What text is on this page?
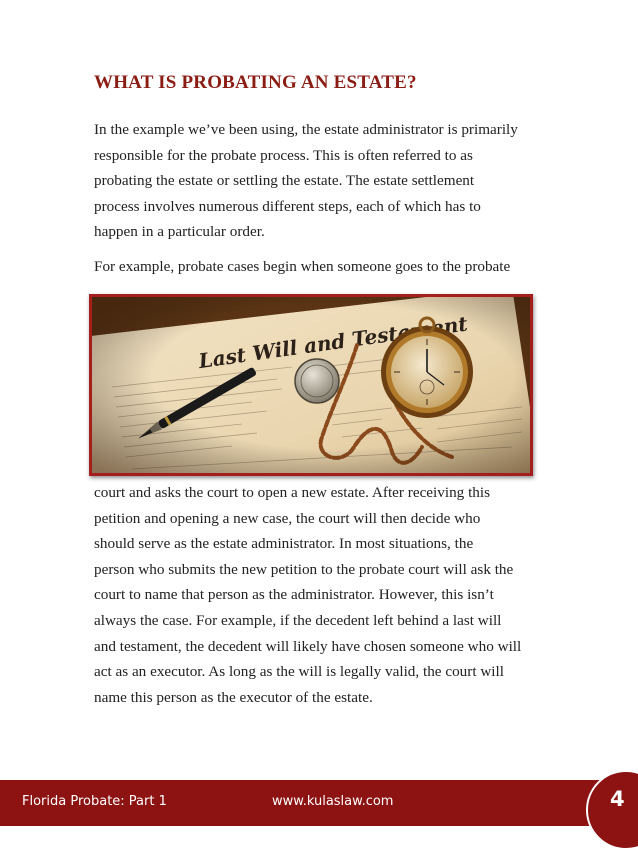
WHAT IS PROBATING AN ESTATE?
In the example we’ve been using, the estate administrator is primarily
responsible for the probate process. This is often referred to as
probating the estate or settling the estate. The estate settlement
process involves numerous different steps, each of which has to
happen in a particular order.
For example, probate cases begin when someone goes to the probate
court and asks the court to open a new estate. After receiving this
petition and opening a new case, the court will then decide who
should serve as the estate administrator. In most situations, the
person who submits the new petition to the probate court will ask the
court to name that person as the administrator. However, this isn’t
always the case. For example, if the decedent left behind a last will
and testament, the decedent will likely have chosen someone who will
act as an executor. As long as the will is legally valid, the court will
name this person as the executor of the estate.
Florida Probate: Part 1	www.kulaslaw.com	4
